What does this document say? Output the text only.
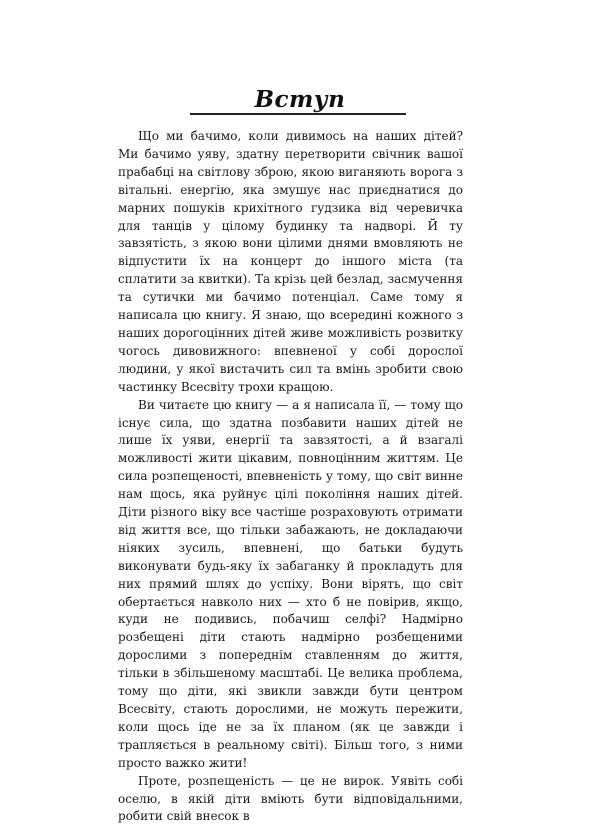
Вступ

Що ми бачимо, коли дивимось на наших дітей? Ми бачимо уяву, здатну перетворити свічник вашої прабабці на світлову зброю, якою виганяють ворога з вітальні. енергію, яка змушує нас приєднатися до марних пошуків крихітного гудзика від черевичка для танців у цілому будинку та надворі. Й ту завзятість, з якою вони цілими днями вмовляють не відпустити їх на концерт до іншого міста (та сплатити за квитки). Та крізь цей безлад, засмучення та сутички ми бачимо потенціал. Саме тому я написала цю книгу. Я знаю, що всередині кожного з наших дорогоцінних дітей живе можливість розвитку чогось дивовижного: впевненої у собі дорослої людини, у якої вистачить сил та вмінь зробити свою частинку Всесвіту трохи кращою.

Ви читаєте цю книгу — а я написала її, — тому що існує сила, що здатна позбавити наших дітей не лише їх уяви, енергії та завзятості, а й взагалі можливості жити цікавим, повноцінним життям. Це сила розпещеності, впевненість у тому, що світ винне нам щось, яка руйнує цілі покоління наших дітей. Діти різного віку все частіше розраховують отримати від життя все, що тільки забажають, не докладаючи ніяких зусиль, впевнені, що батьки будуть виконувати будь-яку їх забаганку й прокладуть для них прямий шлях до успіху. Вони вірять, що світ обертається навколо них — хто б не повірив, якщо, куди не подивись, побачиш селфі? Надмірно розбещені діти стають надмірно розбещеними дорослими з попереднім ставленням до життя, тільки в збільшеному масштабі. Це велика проблема, тому що діти, які звикли завжди бути центром Всесвіту, стають дорослими, не можуть пережити, коли щось іде не за їх планом (як це завжди і трапляється в реальному світі). Більш того, з ними просто важко жити!

Проте, розпещеність — це не вирок. Уявіть собі оселю, в якій діти вміють бути відповідальними, робити свій внесок в
